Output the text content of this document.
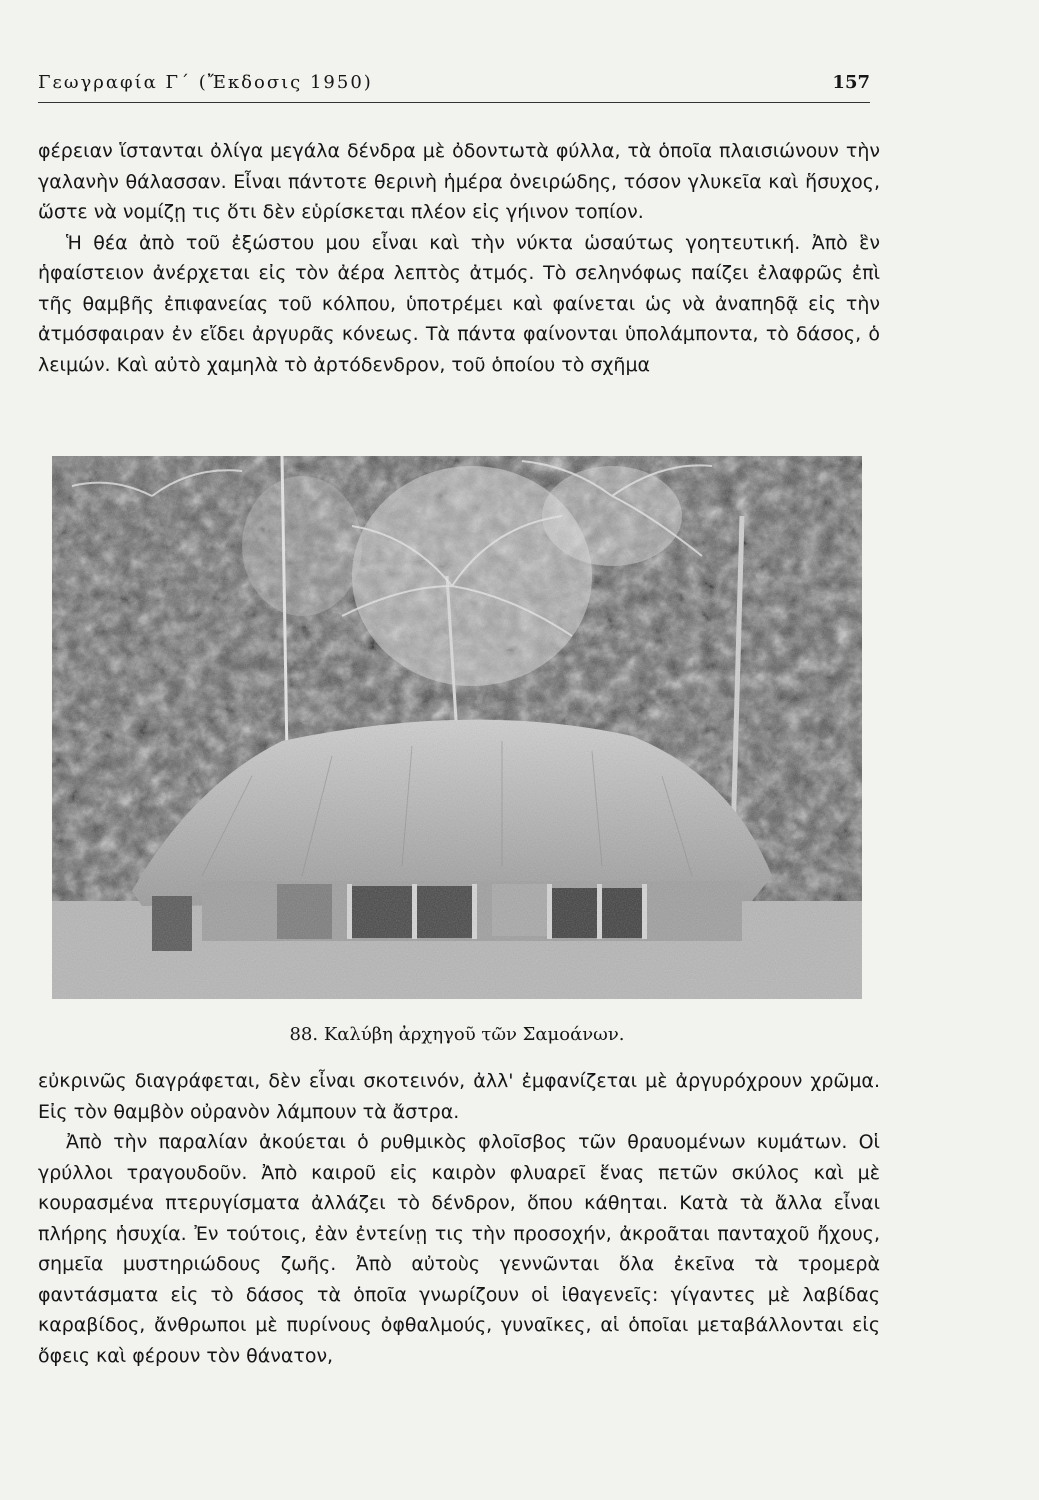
Γεωγραφία Γ΄ (Ἔκδοσις 1950)	157

φέρειαν ἵστανται ὀλίγα μεγάλα δένδρα μὲ ὀδοντωτὰ φύλλα, τὰ ὁποῖα πλαισιώνουν τὴν γαλανὴν θάλασσαν. Εἶναι πάντοτε θερινὴ ἡμέρα ὀνειρώδης, τόσον γλυκεῖα καὶ ἥσυχος, ὥστε νὰ νομίζῃ τις ὅτι δὲν εὑρίσκεται πλέον εἰς γήινον τοπίον.

Ἡ θέα ἀπὸ τοῦ ἐξώστου μου εἶναι καὶ τὴν νύκτα ὡσαύτως γοητευτική. Ἀπὸ ἓν ἡφαίστειον ἀνέρχεται εἰς τὸν ἀέρα λεπτὸς ἀτμός. Τὸ σεληνόφως παίζει ἐλαφρῶς ἐπὶ τῆς θαμβῆς ἐπιφανείας τοῦ κόλπου, ὑποτρέμει καὶ φαίνεται ὡς νὰ ἀναπηδᾷ εἰς τὴν ἀτμόσφαιραν ἐν εἴδει ἀργυρᾶς κόνεως. Τὰ πάντα φαίνονται ὑπολάμποντα, τὸ δάσος, ὁ λειμών. Καὶ αὐτὸ χαμηλὰ τὸ ἀρτόδενδρον, τοῦ ὁποίου τὸ σχῆμα

88. Καλύβη ἀρχηγοῦ τῶν Σαμοάνων.

εὐκρινῶς διαγράφεται, δὲν εἶναι σκοτεινόν, ἀλλ' ἐμφανίζεται μὲ ἀργυρόχρουν χρῶμα. Εἰς τὸν θαμβὸν οὐρανὸν λάμπουν τὰ ἄστρα.

Ἀπὸ τὴν παραλίαν ἀκούεται ὁ ρυθμικὸς φλοῖσβος τῶν θραυομένων κυμάτων. Οἱ γρύλλοι τραγουδοῦν. Ἀπὸ καιροῦ εἰς καιρὸν φλυαρεῖ ἕνας πετῶν σκύλος καὶ μὲ κουρασμένα πτερυγίσματα ἀλλάζει τὸ δένδρον, ὅπου κάθηται. Κατὰ τὰ ἄλλα εἶναι πλήρης ἡσυχία. Ἐν τούτοις, ἐὰν ἐντείνῃ τις τὴν προσοχήν, ἀκροᾶται πανταχοῦ ἤχους, σημεῖα μυστηριώδους ζωῆς. Ἀπὸ αὐτοὺς γεννῶνται ὅλα ἐκεῖνα τὰ τρομερὰ φαντάσματα εἰς τὸ δάσος τὰ ὁποῖα γνωρίζουν οἱ ἰθαγενεῖς: γίγαντες μὲ λαβίδας καραβίδος, ἄνθρωποι μὲ πυρίνους ὀφθαλμούς, γυναῖκες, αἱ ὁποῖαι μεταβάλλονται εἰς ὄφεις καὶ φέρουν τὸν θάνατον,
